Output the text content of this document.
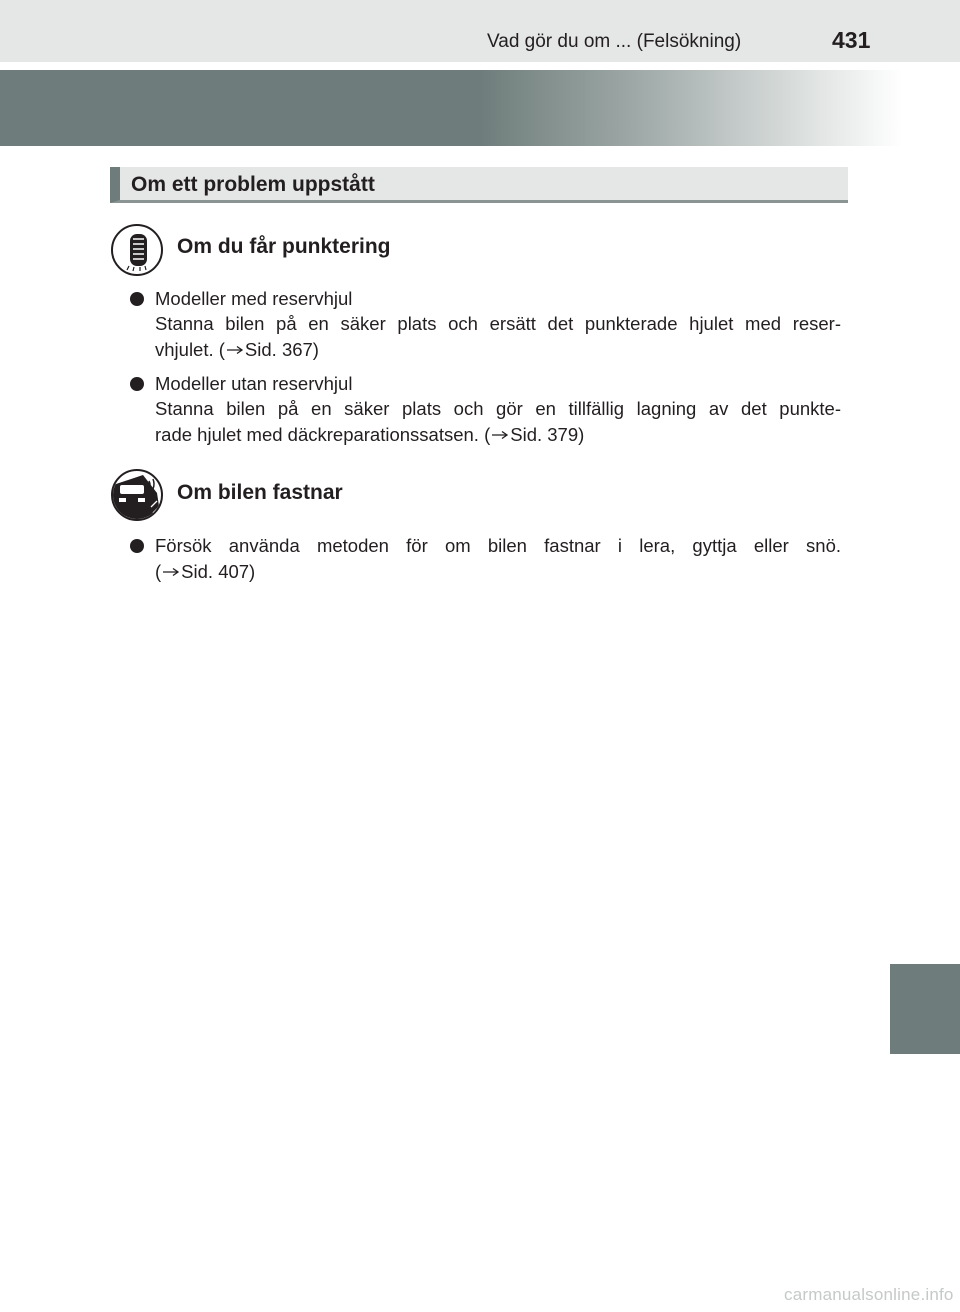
Vad gör du om ... (Felsökning)	431
Om ett problem uppstått
Om du får punktering
Modeller med reservhjul
Stanna bilen på en säker plats och ersätt det punkterade hjulet med reser-
vhjulet. ( Sid. 367)
Modeller utan reservhjul
Stanna bilen på en säker plats och gör en tillfällig lagning av det punkte-
rade hjulet med däckreparationssatsen. ( Sid. 379)
Om bilen fastnar
Försök använda metoden för om bilen fastnar i lera, gyttja eller snö.
( Sid. 407)
carmanualsonline.info
